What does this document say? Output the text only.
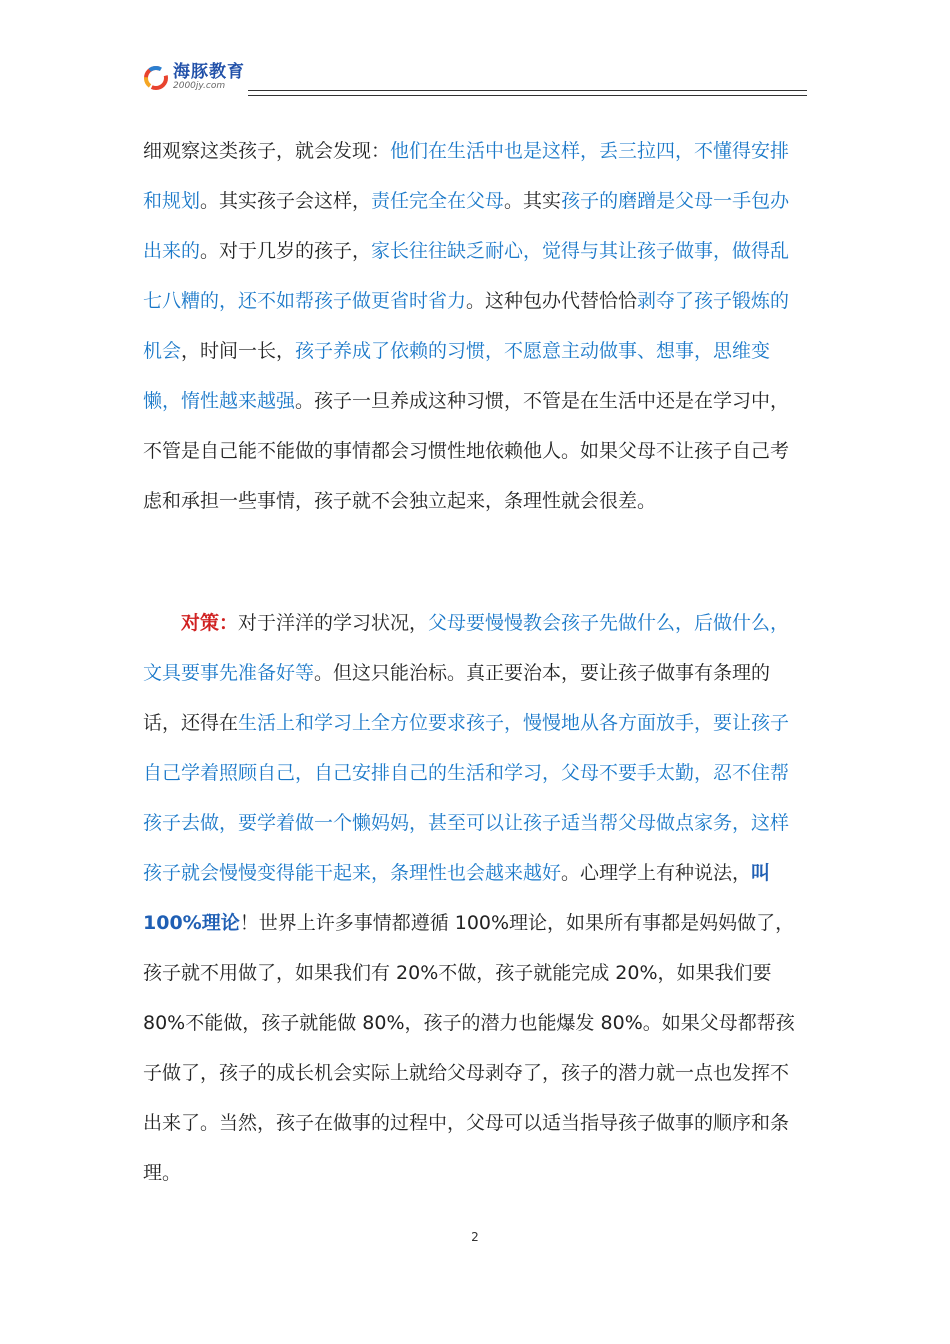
海豚教育
2000jy.com
细观察这类孩子，就会发现：他们在生活中也是这样，丢三拉四，不懂得安排和规划。其实孩子会这样，责任完全在父母。其实孩子的磨蹭是父母一手包办出来的。对于几岁的孩子，家长往往缺乏耐心，觉得与其让孩子做事，做得乱七八糟的，还不如帮孩子做更省时省力。这种包办代替恰恰剥夺了孩子锻炼的机会，时间一长，孩子养成了依赖的习惯，不愿意主动做事、想事，思维变懒，惰性越来越强。孩子一旦养成这种习惯，不管是在生活中还是在学习中，不管是自己能不能做的事情都会习惯性地依赖他人。如果父母不让孩子自己考虑和承担一些事情，孩子就不会独立起来，条理性就会很差。
对策：对于洋洋的学习状况，父母要慢慢教会孩子先做什么，后做什么，文具要事先准备好等。但这只能治标。真正要治本，要让孩子做事有条理的话，还得在生活上和学习上全方位要求孩子，慢慢地从各方面放手，要让孩子自己学着照顾自己，自己安排自己的生活和学习，父母不要手太勤，忍不住帮孩子去做，要学着做一个懒妈妈，甚至可以让孩子适当帮父母做点家务，这样孩子就会慢慢变得能干起来，条理性也会越来越好。心理学上有种说法，叫 100%理论！世界上许多事情都遵循 100%理论，如果所有事都是妈妈做了，孩子就不用做了，如果我们有 20%不做，孩子就能完成 20%，如果我们要 80%不能做，孩子就能做 80%，孩子的潜力也能爆发 80%。如果父母都帮孩子做了，孩子的成长机会实际上就给父母剥夺了，孩子的潜力就一点也发挥不出来了。当然，孩子在做事的过程中，父母可以适当指导孩子做事的顺序和条理。
2
